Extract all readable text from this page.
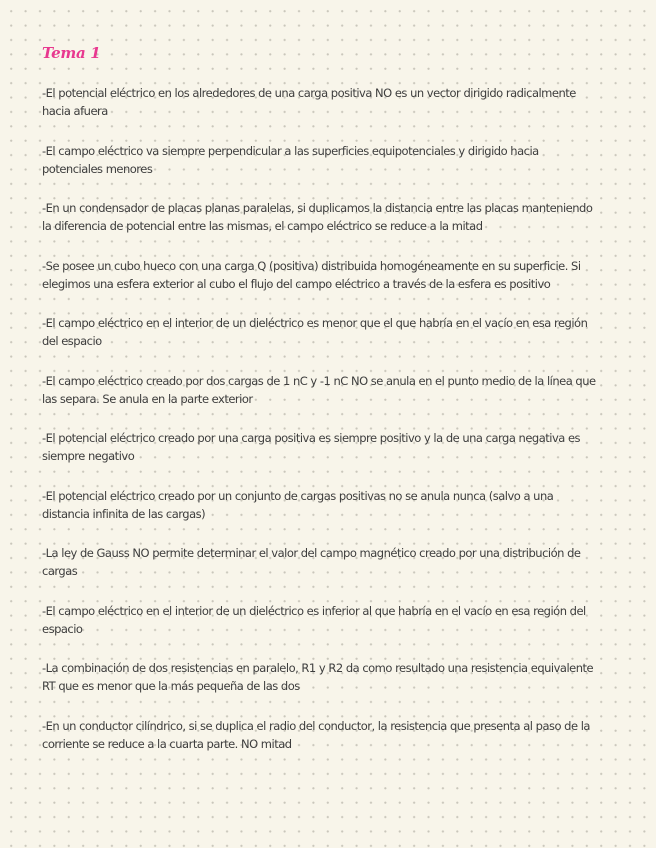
Tema 1
-El potencial eléctrico en los alrededores de una carga positiva NO es un vector dirigido radicalmente hacia afuera
-El campo eléctrico va siempre perpendicular a las superficies equipotenciales y dirigido hacia potenciales menores
-En un condensador de placas planas paralelas, si duplicamos la distancia entre las placas manteniendo la diferencia de potencial entre las mismas, el campo eléctrico se reduce a la mitad
-Se posee un cubo hueco con una carga Q (positiva) distribuida homogéneamente en su superficie. Si elegimos una esfera exterior al cubo el flujo del campo eléctrico a través de la esfera es positivo
-El campo eléctrico en el interior de un dieléctrico es menor que el que habría en el vacío en esa región del espacio
-El campo eléctrico creado por dos cargas de 1 nC y -1 nC NO se anula en el punto medio de la línea que las separa. Se anula en la parte exterior
-El potencial eléctrico creado por una carga positiva es siempre positivo y la de una carga negativa es siempre negativo
-El potencial eléctrico creado por un conjunto de cargas positivas no se anula nunca (salvo a una distancia infinita de las cargas)
-La ley de Gauss NO permite determinar el valor del campo magnético creado por una distribución de cargas
-El campo eléctrico en el interior de un dieléctrico es inferior al que habría en el vacío en esa región del espacio
-La combinación de dos resistencias en paralelo, R1 y R2 da como resultado una resistencia equivalente RT que es menor que la más pequeña de las dos
-En un conductor cilíndrico, si se duplica el radio del conductor, la resistencia que presenta al paso de la corriente se reduce a la cuarta parte. NO mitad
